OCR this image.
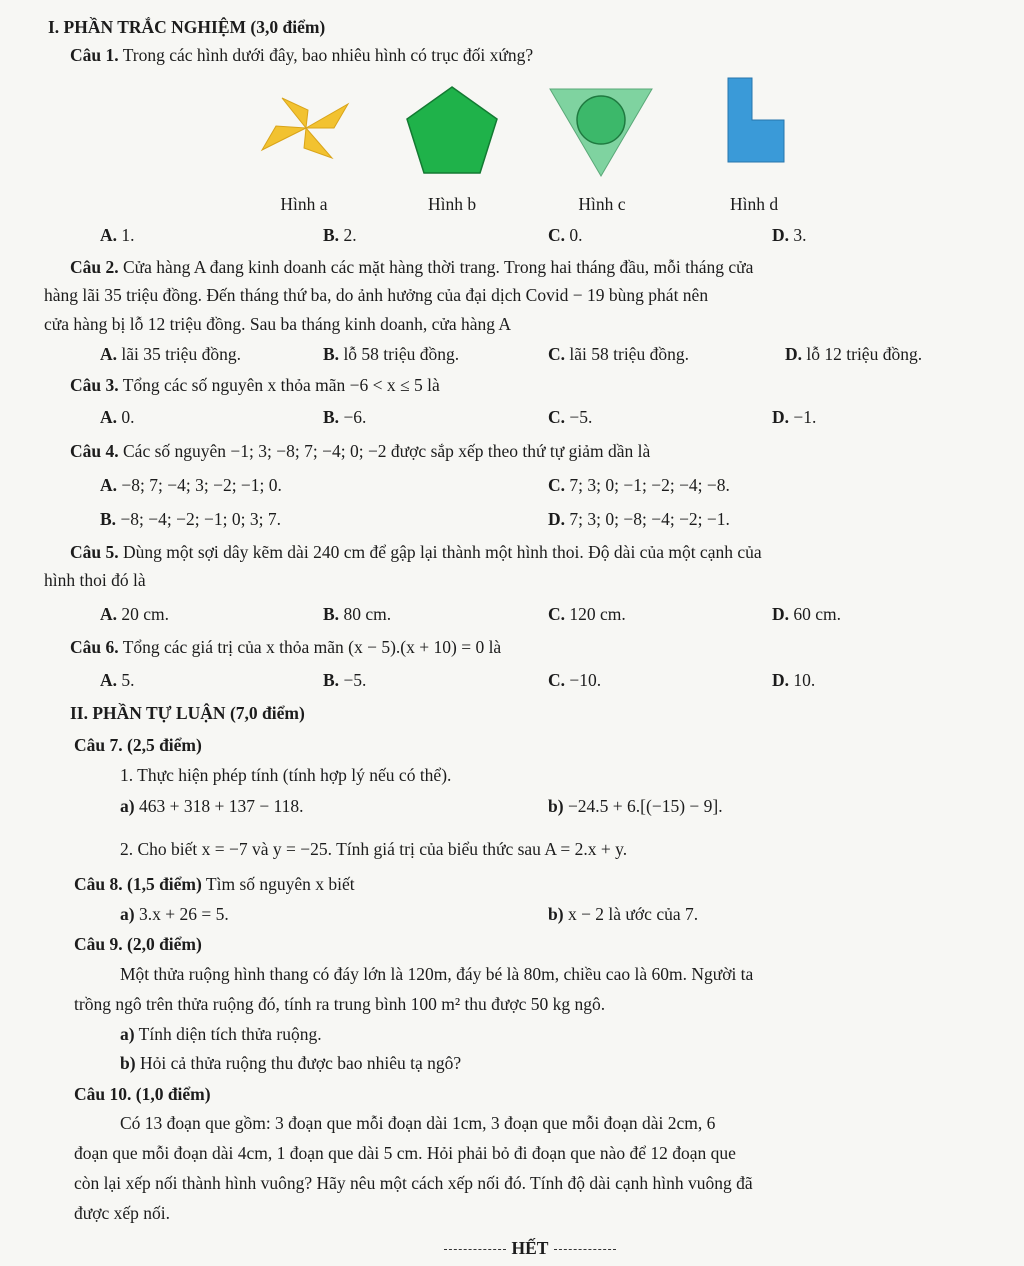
I. PHẦN TRẮC NGHIỆM (3,0 điểm)
Câu 1. Trong các hình dưới đây, bao nhiêu hình có trục đối xứng?
Hình a	Hình b	Hình c	Hình d
A. 1.	B. 2.	C. 0.	D. 3.
Câu 2. Cửa hàng A đang kinh doanh các mặt hàng thời trang. Trong hai tháng đầu, mỗi tháng cửa
hàng lãi 35 triệu đồng. Đến tháng thứ ba, do ảnh hưởng của đại dịch Covid − 19 bùng phát nên
cửa hàng bị lỗ 12 triệu đồng. Sau ba tháng kinh doanh, cửa hàng A
A. lãi 35 triệu đồng.	B. lỗ 58 triệu đồng.	C. lãi 58 triệu đồng.	D. lỗ 12 triệu đồng.
Câu 3. Tổng các số nguyên x thỏa mãn −6 < x ≤ 5 là
A. 0.	B. −6.	C. −5.	D. −1.
Câu 4. Các số nguyên −1; 3; −8; 7; −4; 0; −2 được sắp xếp theo thứ tự giảm dần là
A. −8; 7; −4; 3; −2; −1; 0.	C. 7; 3; 0; −1; −2; −4; −8.
B. −8; −4; −2; −1; 0; 3; 7.	D. 7; 3; 0; −8; −4; −2; −1.
Câu 5. Dùng một sợi dây kẽm dài 240 cm để gập lại thành một hình thoi. Độ dài của một cạnh của
hình thoi đó là
A. 20 cm.	B. 80 cm.	C. 120 cm.	D. 60 cm.
Câu 6. Tổng các giá trị của x thỏa mãn (x − 5).(x + 10) = 0 là
A. 5.	B. −5.	C. −10.	D. 10.
II. PHẦN TỰ LUẬN (7,0 điểm)
Câu 7. (2,5 điểm)
1. Thực hiện phép tính (tính hợp lý nếu có thể).
a) 463 + 318 + 137 − 118.	b) −24.5 + 6.[(−15) − 9].
2. Cho biết x = −7 và y = −25. Tính giá trị của biểu thức sau A = 2.x + y.
Câu 8. (1,5 điểm) Tìm số nguyên x biết
a) 3.x + 26 = 5.	b) x − 2 là ước của 7.
Câu 9. (2,0 điểm)
Một thửa ruộng hình thang có đáy lớn là 120m, đáy bé là 80m, chiều cao là 60m. Người ta
trồng ngô trên thửa ruộng đó, tính ra trung bình 100 m² thu được 50 kg ngô.
a) Tính diện tích thửa ruộng.
b) Hỏi cả thửa ruộng thu được bao nhiêu tạ ngô?
Câu 10. (1,0 điểm)
Có 13 đoạn que gồm: 3 đoạn que mỗi đoạn dài 1cm, 3 đoạn que mỗi đoạn dài 2cm, 6
đoạn que mỗi đoạn dài 4cm, 1 đoạn que dài 5 cm. Hỏi phải bỏ đi đoạn que nào để 12 đoạn que
còn lại xếp nối thành hình vuông? Hãy nêu một cách xếp nối đó. Tính độ dài cạnh hình vuông đã
được xếp nối.
HẾT
